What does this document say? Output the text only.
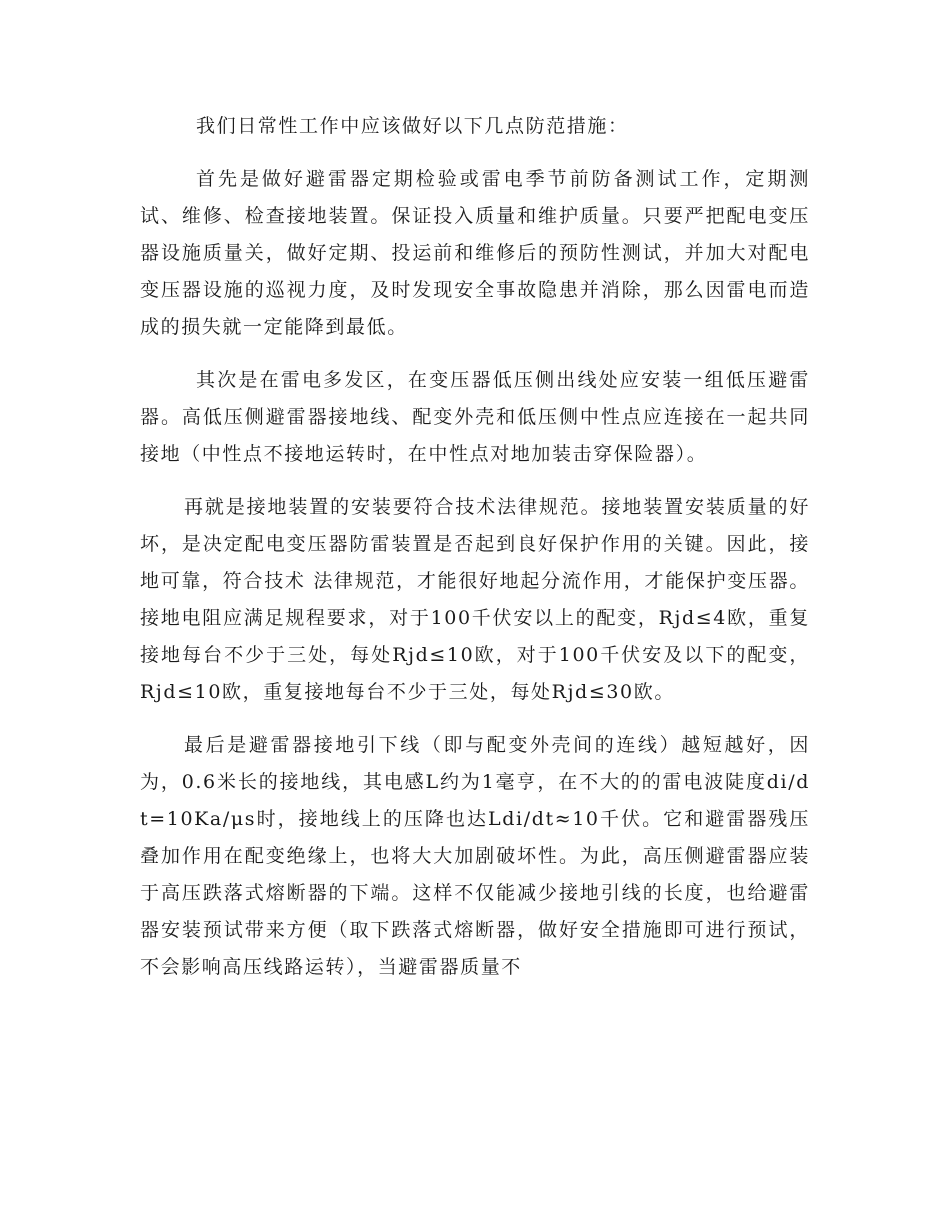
我们日常性工作中应该做好以下几点防范措施：

首先是做好避雷器定期检验或雷电季节前防备测试工作，定期测试、维修、检查接地装置。保证投入质量和维护质量。只要严把配电变压器设施质量关，做好定期、投运前和维修后的预防性测试，并加大对配电变压器设施的巡视力度，及时发现安全事故隐患并消除，那么因雷电而造成的损失就一定能降到最低。

其次是在雷电多发区，在变压器低压侧出线处应安装一组低压避雷器。高低压侧避雷器接地线、配变外壳和低压侧中性点应连接在一起共同接地（中性点不接地运转时，在中性点对地加装击穿保险器）。

再就是接地装置的安装要符合技术法律规范。接地装置安装质量的好坏，是决定配电变压器防雷装置是否起到良好保护作用的关键。因此，接地可靠，符合技术 法律规范，才能很好地起分流作用，才能保护变压器。接地电阻应满足规程要求，对于100千伏安以上的配变，Rjd≤4欧，重复接地每台不少于三处，每处Rjd≤10欧，对于100千伏安及以下的配变，Rjd≤10欧，重复接地每台不少于三处，每处Rjd≤30欧。

最后是避雷器接地引下线（即与配变外壳间的连线）越短越好，因为，0.6米长的接地线，其电感L约为1毫亨，在不大的的雷电波陡度di/dt=10Ka/μs时，接地线上的压降也达Ldi/dt≈10千伏。它和避雷器残压叠加作用在配变绝缘上，也将大大加剧破坏性。为此，高压侧避雷器应装于高压跌落式熔断器的下端。这样不仅能减少接地引线的长度，也给避雷器安装预试带来方便（取下跌落式熔断器，做好安全措施即可进行预试，不会影响高压线路运转），当避雷器质量不
